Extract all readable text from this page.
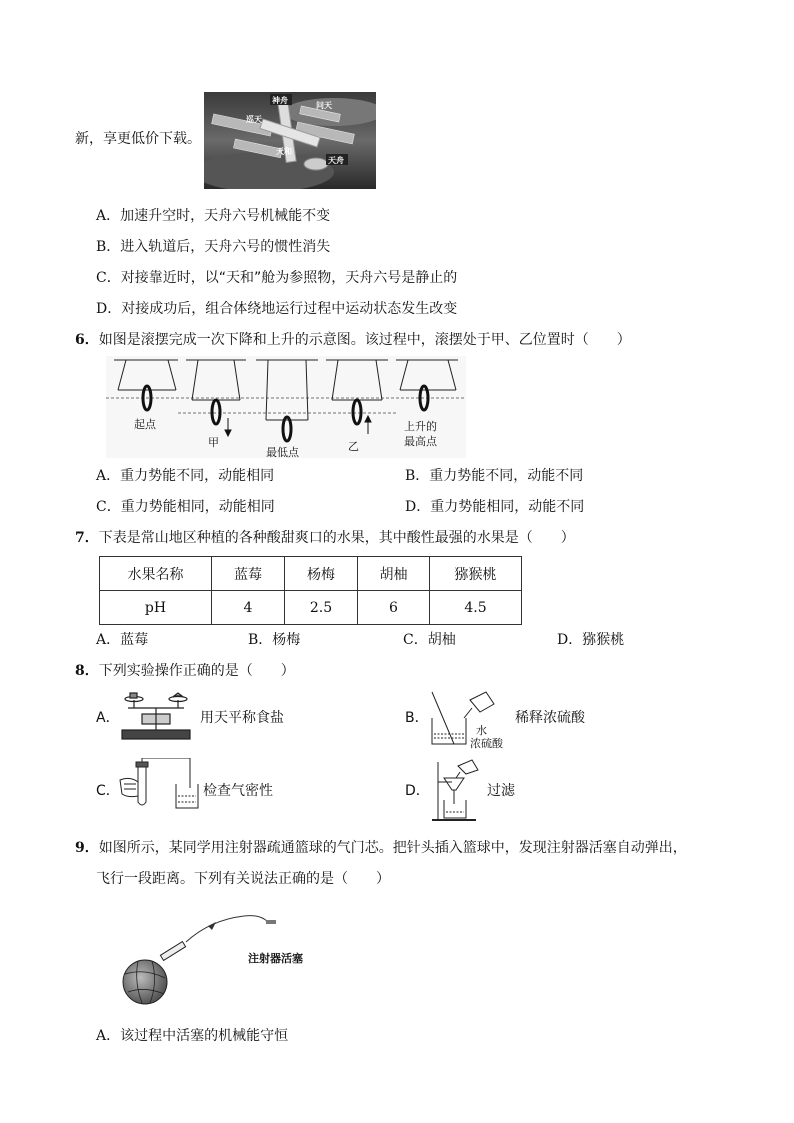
新，享更低价下载。
神舟
问天
巡天
天和
天舟
A．加速升空时，天舟六号机械能不变
B．进入轨道后，天舟六号的惯性消失
C．对接靠近时，以“天和”舱为参照物，天舟六号是静止的
D．对接成功后，组合体绕地运行过程中运动状态发生改变
6．如图是滚摆完成一次下降和上升的示意图。该过程中，滚摆处于甲、乙位置时（　　）
起点
甲
最低点	乙
上升的
最高点
A．重力势能不同，动能相同	B．重力势能不同，动能不同
C．重力势能相同，动能相同	D．重力势能相同，动能不同
7．下表是常山地区种植的各种酸甜爽口的水果，其中酸性最强的水果是（　　）
水果名称	蓝莓	杨梅	胡柚	猕猴桃
pH	4	2.5	6	4.5
A．蓝莓	B．杨梅	C．胡柚	D．猕猴桃
8．下列实验操作正确的是（　　）
A．	用天平称食盐	B．
水
浓硫酸
稀释浓硫酸
C．	检查气密性	D．	过滤
9．如图所示，某同学用注射器疏通篮球的气门芯。把针头插入篮球中，发现注射器活塞自动弹出，
飞行一段距离。下列有关说法正确的是（　　）
注射器活塞
A．该过程中活塞的机械能守恒
